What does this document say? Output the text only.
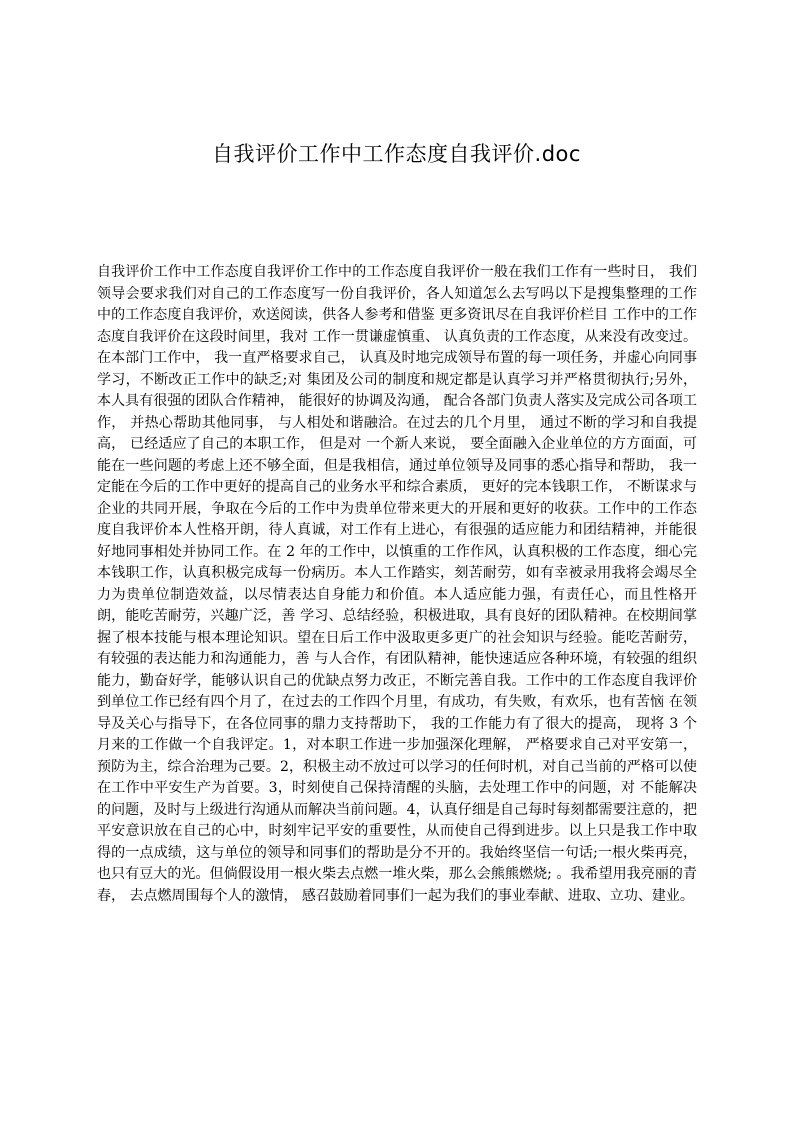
自我评价工作中工作态度自我评价.doc

自我评价工作中工作态度自我评价工作中的工作态度自我评价一般在我们工作有一些时日， 我们领导会要求我们对自己的工作态度写一份自我评价，各人知道怎么去写吗以下是搜集整理的工作中的工作态度自我评价，欢送阅读，供各人参考和借鉴 更多资讯尽在自我评价栏目 工作中的工作态度自我评价在这段时间里，我对 工作一贯谦虚慎重、 认真负责的工作态度，从来没有改变过。在本部门工作中， 我一直严格要求自己， 认真及时地完成领导布置的每一项任务，并虚心向同事学习，不断改正工作中的缺乏;对 集团及公司的制度和规定都是认真学习并严格贯彻执行;另外，本人具有很强的团队合作精神， 能很好的协调及沟通， 配合各部门负责人落实及完成公司各项工作， 并热心帮助其他同事， 与人相处和谐融洽。在过去的几个月里， 通过不断的学习和自我提高， 已经适应了自己的本职工作， 但是对 一个新人来说， 要全面融入企业单位的方方面面，可能在一些问题的考虑上还不够全面，但是我相信，通过单位领导及同事的悉心指导和帮助， 我一定能在今后的工作中更好的提高自己的业务水平和综合素质， 更好的完本钱职工作， 不断谋求与企业的共同开展，争取在今后的工作中为贵单位带来更大的开展和更好的收获。工作中的工作态度自我评价本人性格开朗，待人真诚，对工作有上进心，有很强的适应能力和团结精神，并能很好地同事相处并协同工作。在 2 年的工作中，以慎重的工作作风，认真积极的工作态度，细心完本钱职工作，认真积极完成每一份病历。本人工作踏实，刻苦耐劳，如有幸被录用我将会竭尽全力为贵单位制造效益，以尽情表达自身能力和价值。本人适应能力强，有责任心，而且性格开朗，能吃苦耐劳，兴趣广泛，善 学习、总结经验，积极进取，具有良好的团队精神。在校期间掌握了根本技能与根本理论知识。望在日后工作中汲取更多更广的社会知识与经验。能吃苦耐劳，有较强的表达能力和沟通能力，善 与人合作，有团队精神，能快速适应各种环境，有较强的组织能力，勤奋好学，能够认识自己的优缺点努力改正，不断完善自我。工作中的工作态度自我评价到单位工作已经有四个月了，在过去的工作四个月里，有成功，有失败，有欢乐，也有苦恼 在领导及关心与指导下，在各位同事的鼎力支持帮助下， 我的工作能力有了很大的提高， 现将 3 个月来的工作做一个自我评定。1，对本职工作进一步加强深化理解， 严格要求自己对平安第一，预防为主，综合治理为己要。2，积极主动不放过可以学习的任何时机，对自己当前的严格可以使在工作中平安生产为首要。3，时刻使自己保持清醒的头脑，去处理工作中的问题，对 不能解决的问题，及时与上级进行沟通从而解决当前问题。4，认真仔细是自己每时每刻都需要注意的，把平安意识放在自己的心中，时刻牢记平安的重要性，从而使自己得到进步。以上只是我工作中取得的一点成绩，这与单位的领导和同事们的帮助是分不开的。我始终坚信一句话;一根火柴再亮，也只有豆大的光。但倘假设用一根火柴去点燃一堆火柴，那么会熊熊燃烧; 。我希望用我亮丽的青春， 去点燃周围每个人的激情， 感召鼓励着同事们一起为我们的事业奉献、进取、立功、建业。
